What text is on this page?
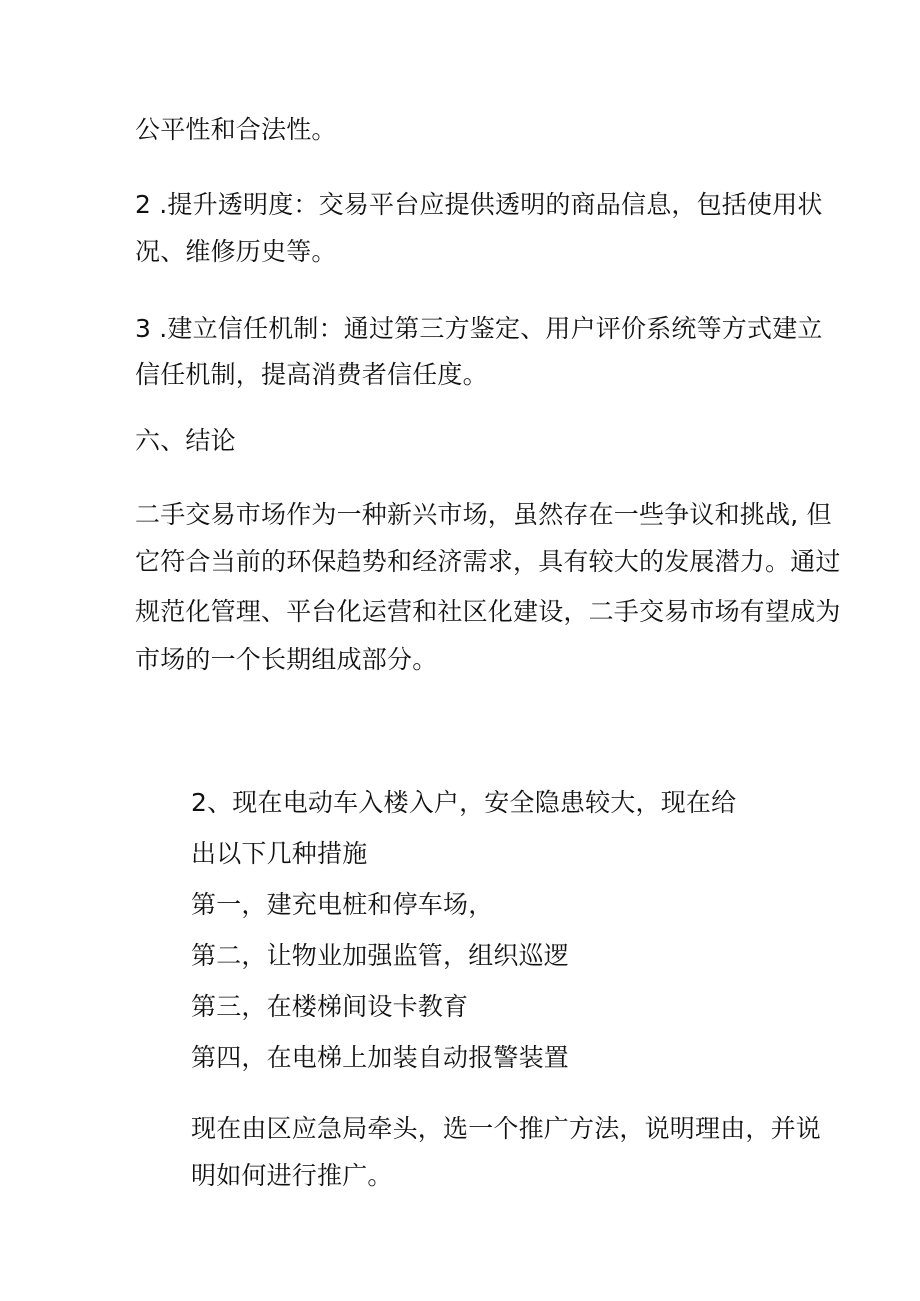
公平性和合法性。
2 .提升透明度：交易平台应提供透明的商品信息，包括使用状
况、维修历史等。
3 .建立信任机制：通过第三方鉴定、用户评价系统等方式建立
信任机制，提高消费者信任度。
六、结论
二手交易市场作为一种新兴市场，虽然存在一些争议和挑战, 但
它符合当前的环保趋势和经济需求，具有较大的发展潜力。通过
规范化管理、平台化运营和社区化建设，二手交易市场有望成为
市场的一个长期组成部分。
2、现在电动车入楼入户，安全隐患较大，现在给
出以下几种措施
第一，建充电桩和停车场，
第二，让物业加强监管，组织巡逻
第三，在楼梯间设卡教育
第四，在电梯上加装自动报警装置
现在由区应急局牵头，选一个推广方法，说明理由，并说
明如何进行推广。
